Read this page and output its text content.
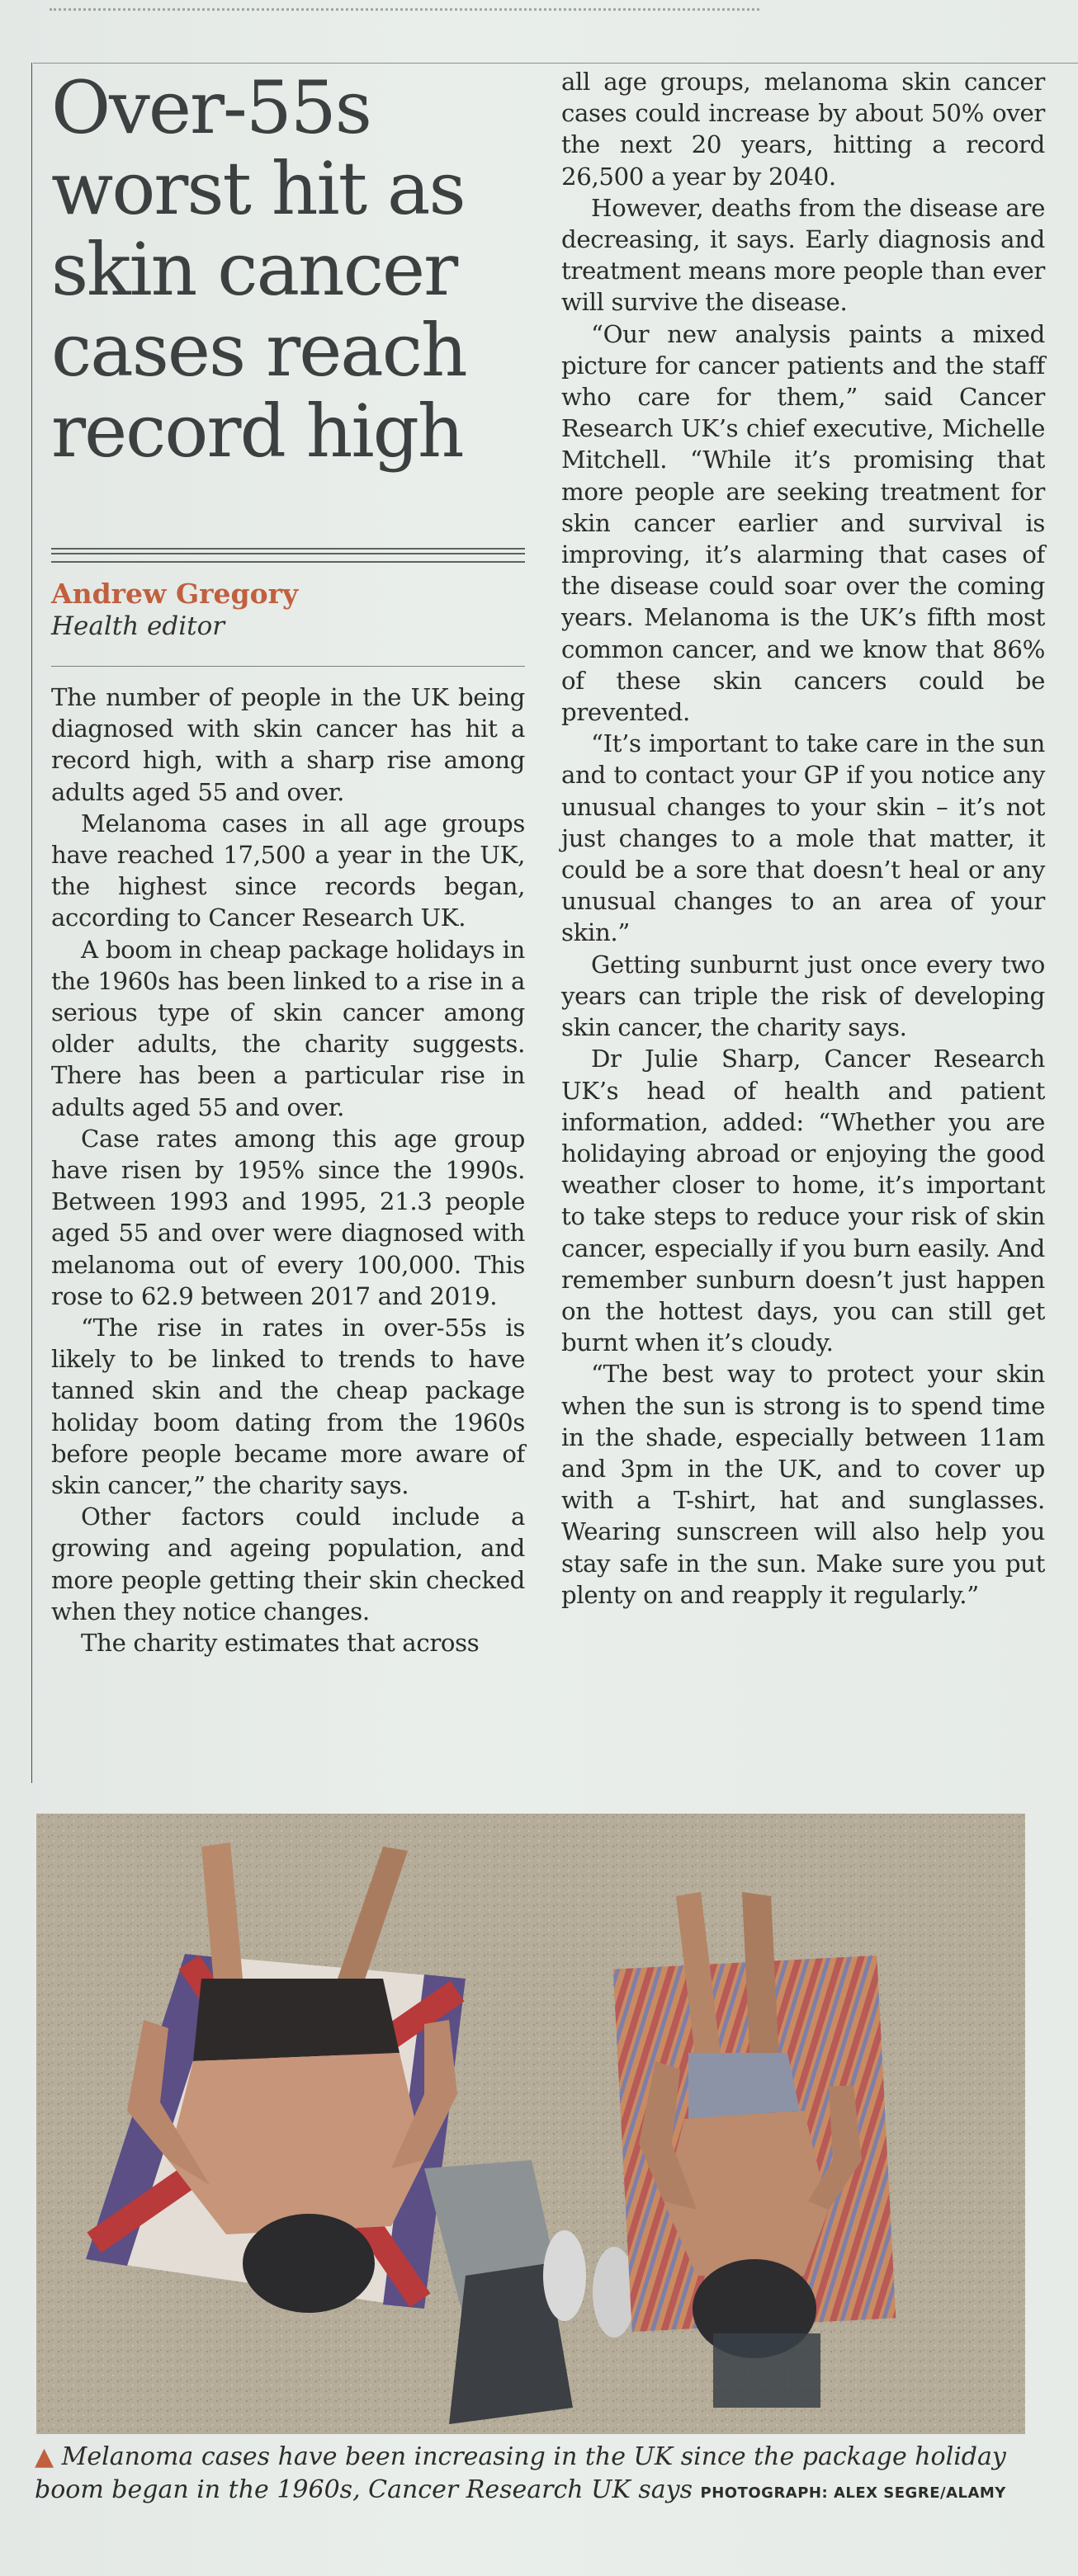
Over-55s worst hit as skin cancer cases reach record high
Andrew Gregory
Health editor

The number of people in the UK being diagnosed with skin cancer has hit a record high, with a sharp rise among adults aged 55 and over.

Melanoma cases in all age groups have reached 17,500 a year in the UK, the highest since records began, according to Cancer Research UK.

A boom in cheap package holidays in the 1960s has been linked to a rise in a serious type of skin cancer among older adults, the charity suggests. There has been a particular rise in adults aged 55 and over.

Case rates among this age group have risen by 195% since the 1990s. Between 1993 and 1995, 21.3 people aged 55 and over were diagnosed with melanoma out of every 100,000. This rose to 62.9 between 2017 and 2019.

“The rise in rates in over-55s is likely to be linked to trends to have tanned skin and the cheap package holiday boom dating from the 1960s before people became more aware of skin cancer,” the charity says.

Other factors could include a growing and ageing population, and more people getting their skin checked when they notice changes.

The charity estimates that across

all age groups, melanoma skin cancer cases could increase by about 50% over the next 20 years, hitting a record 26,500 a year by 2040.

However, deaths from the disease are decreasing, it says. Early diagnosis and treatment means more people than ever will survive the disease.

“Our new analysis paints a mixed picture for cancer patients and the staff who care for them,” said Cancer Research UK’s chief executive, Michelle Mitchell. “While it’s promising that more people are seeking treatment for skin cancer earlier and survival is improving, it’s alarming that cases of the disease could soar over the coming years. Melanoma is the UK’s fifth most common cancer, and we know that 86% of these skin cancers could be prevented.

“It’s important to take care in the sun and to contact your GP if you notice any unusual changes to your skin – it’s not just changes to a mole that matter, it could be a sore that doesn’t heal or any unusual changes to an area of your skin.”

Getting sunburnt just once every two years can triple the risk of developing skin cancer, the charity says.

Dr Julie Sharp, Cancer Research UK’s head of health and patient information, added: “Whether you are holidaying abroad or enjoying the good weather closer to home, it’s important to take steps to reduce your risk of skin cancer, especially if you burn easily. And remember sunburn doesn’t just happen on the hottest days, you can still get burnt when it’s cloudy.

“The best way to protect your skin when the sun is strong is to spend time in the shade, especially between 11am and 3pm in the UK, and to cover up with a T-shirt, hat and sunglasses. Wearing sunscreen will also help you stay safe in the sun. Make sure you put plenty on and reapply it regularly.”

▲ Melanoma cases have been increasing in the UK since the package holiday boom began in the 1960s, Cancer Research UK says PHOTOGRAPH: ALEX SEGRE/ALAMY
